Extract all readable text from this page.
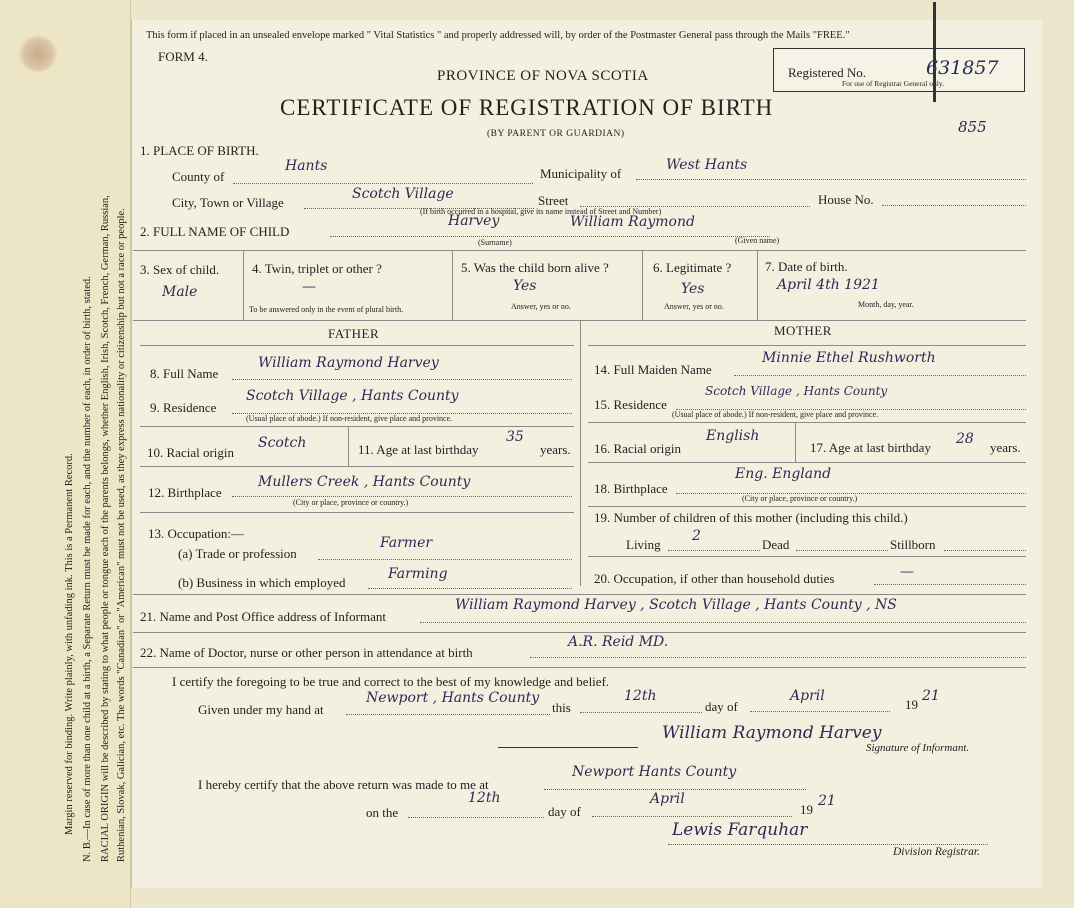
Margin reserved for binding. Write plainly, with unfading ink. This is a Permanent Record. N. B.—In case of more than one child at a birth, a Separate Return must be made for each, and the number of each, in order of birth, stated. RACIAL ORIGIN will be described by stating to what people or tongue each of the parents belongs, whether English, Irish, Scotch, French, German, Russian, Ruthenian, Slovak, Galician, etc. The words "Canadian" or "American" must not be used, as they express nationality or citizenship but not a race or people.
This form if placed in an unsealed envelope marked " Vital Statistics " and properly addressed will, by order of the Postmaster General pass through the Mails "FREE."
FORM 4.
PROVINCE OF NOVA SCOTIA
CERTIFICATE OF REGISTRATION OF BIRTH
(BY PARENT OR GUARDIAN)
Registered No.	631857
For use of Registrar General only.
855
1. PLACE OF BIRTH.
County of
Hants	Municipality of
West Hants
City, Town or Village
Scotch Village	Street	House No.
(If birth occurred in a hospital, give its name instead of Street and Number)
2. FULL NAME OF CHILD
Harvey	William Raymond
(Surname)	(Given name)
3. Sex of child.
Male
4. Twin, triplet or other ?
—
To be answered only in the event of plural birth.
5. Was the child born alive ?
Yes
Answer, yes or no.
6. Legitimate ?
Yes
Answer, yes or no.
7. Date of birth.
April 4th 1921
Month, day, year.
FATHER	MOTHER
8. Full Name
William Raymond Harvey
9. Residence
Scotch Village , Hants County
(Usual place of abode.) If non-resident, give place and province.
10. Racial origin
Scotch	11. Age at last birthday
35
years.
12. Birthplace
Mullers Creek , Hants County
(City or place, province or country.)
13. Occupation:—
(a) Trade or profession
Farmer
(b) Business in which employed
Farming
14. Full Maiden Name
Minnie Ethel Rushworth
15. Residence
Scotch Village , Hants County
(Usual place of abode.) If non-resident, give place and province.
16. Racial origin
English
17. Age at last birthday
28
years.
18. Birthplace
Eng. England
(City or place, province or country.)
19. Number of children of this mother (including this child.)
Living
2
Dead	Stillborn
20. Occupation, if other than household duties	—
21. Name and Post Office address of Informant
William Raymond Harvey , Scotch Village , Hants County , NS
22. Name of Doctor, nurse or other person in attendance at birth
A.R. Reid MD.
I certify the foregoing to be true and correct to the best of my knowledge and belief.
Given under my hand at
Newport , Hants County
this
12th
day of
April
19
21
William Raymond Harvey
Signature of Informant.
I hereby certify that the above return was made to me at
Newport Hants County
on the
12th
day of
April
19
21
Lewis Farquhar
Division Registrar.
